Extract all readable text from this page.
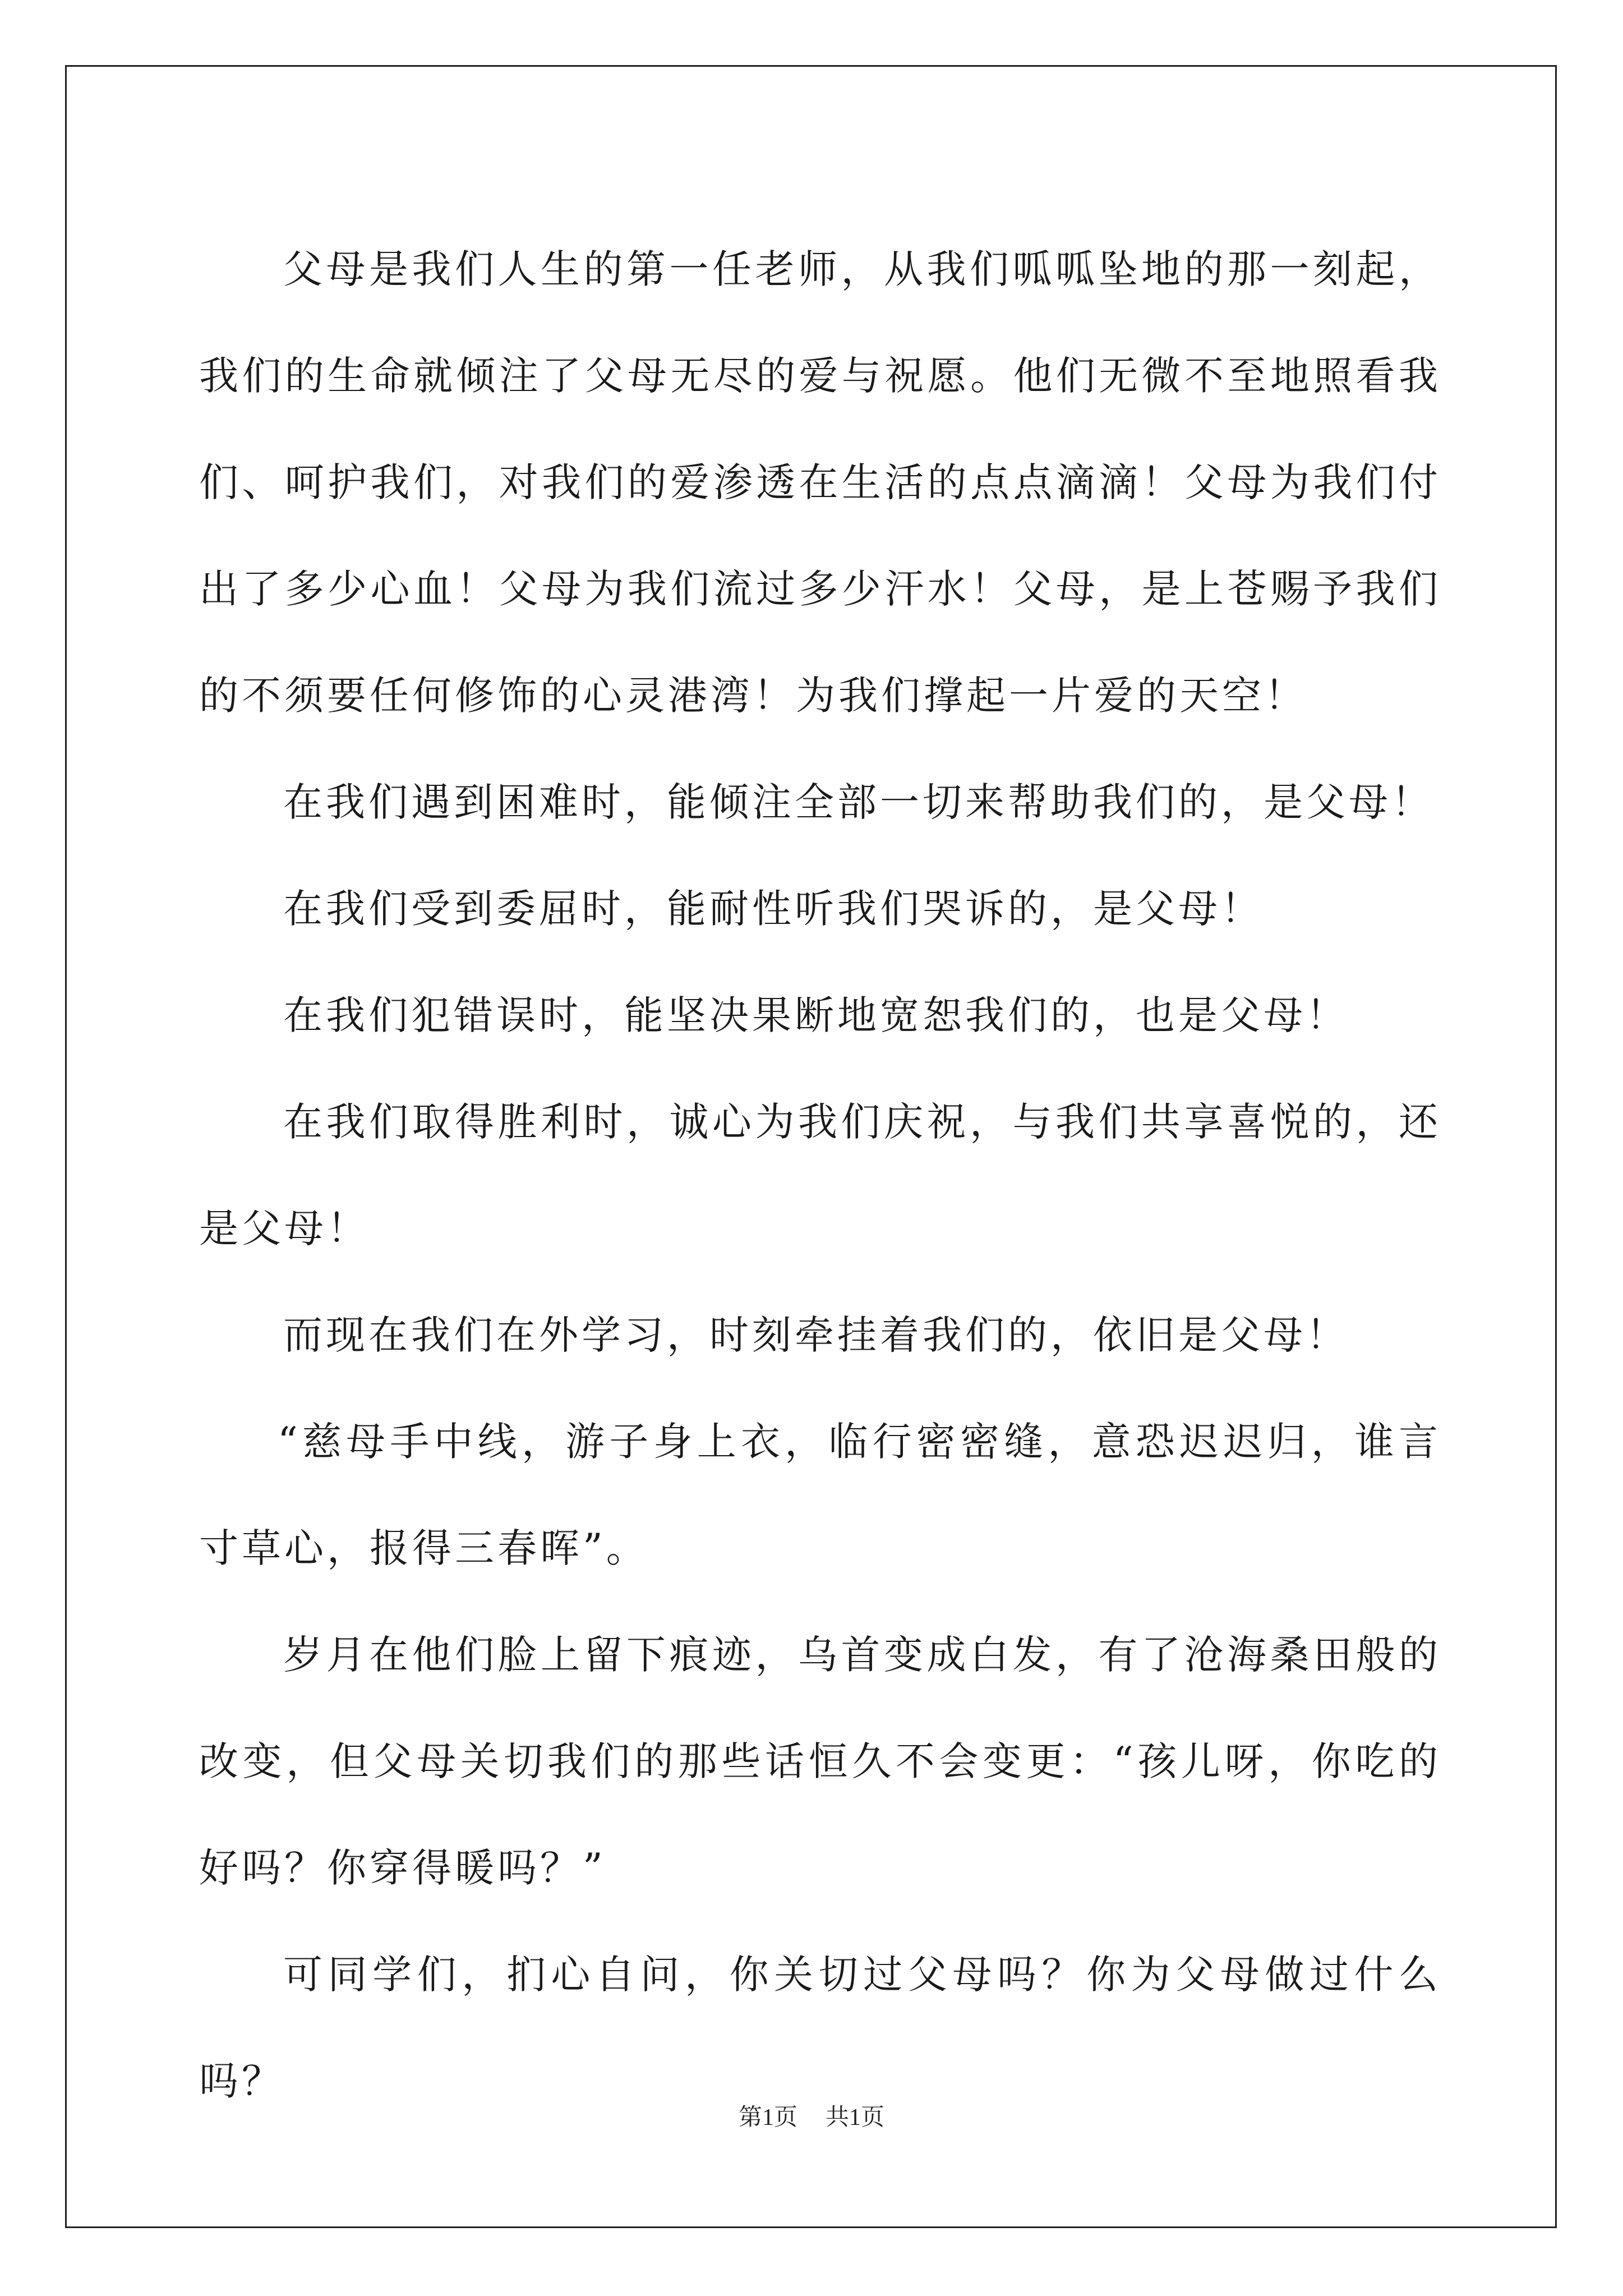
父母是我们人生的第一任老师，从我们呱呱坠地的那一刻起，我们的生命就倾注了父母无尽的爱与祝愿。他们无微不至地照看我们、呵护我们，对我们的爱渗透在生活的点点滴滴！父母为我们付出了多少心血！父母为我们流过多少汗水！父母，是上苍赐予我们的不须要任何修饰的心灵港湾！为我们撑起一片爱的天空！

在我们遇到困难时，能倾注全部一切来帮助我们的，是父母！

在我们受到委屈时，能耐性听我们哭诉的，是父母！

在我们犯错误时，能坚决果断地宽恕我们的，也是父母！

在我们取得胜利时，诚心为我们庆祝，与我们共享喜悦的，还是父母！

而现在我们在外学习，时刻牵挂着我们的，依旧是父母！

“慈母手中线，游子身上衣，临行密密缝，意恐迟迟归，谁言寸草心，报得三春晖”。

岁月在他们脸上留下痕迹，乌首变成白发，有了沧海桑田般的改变，但父母关切我们的那些话恒久不会变更：“孩儿呀，你吃的好吗？你穿得暖吗？”

可同学们，扪心自问，你关切过父母吗？你为父母做过什么吗？

第1页 共1页
